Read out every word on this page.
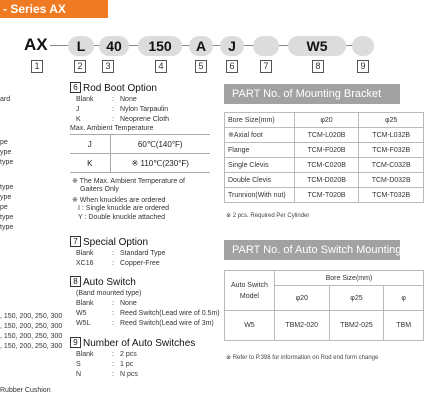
- Series AX
AX	L	40	150	A	J	W5
1	2	3	4	5	6	7	8	9
ard
pe
ype
type
type
ype
pe
type
type
, 150, 200, 250, 300
, 150, 200, 250, 300
, 150, 200, 250, 300
, 150, 200, 250, 300
Rubber Cushion
6 Rod Boot Option
Blank	: None
J	: Nylon Tarpaulin
K	: Neoprene Cloth
Max. Ambient Temperature
J	60℃(140°F)
K	※ 110℃(230°F)
※ The Max. Ambient Temperature of
Gaiters Only
※ When knuckles are ordered
I : Single knuckle are ordered
Y : Double knuckle attached
7 Special Option
Blank	: Standard Type
XC16	: Copper-Free
8 Auto Switch
(Band mounted type)
Blank	: None
W5	: Reed Switch(Lead wire of 0.5m)
W5L	: Reed Switch(Lead wire of 3m)
9 Number of Auto Switches
Blank	: 2 pcs
S	: 1 pc
N	: N pcs
PART No. of Mounting Bracket
Bore Size(mm)	φ20	φ25
※Axial foot	TCM-L020B	TCM-L032B
Flange	TCM-F020B	TCM-F032B
Single Clevis	TCM-C020B	TCM-C032B
Double Clevis	TCM-D020B	TCM-D032B
Trunnion(With nut)	TCM-T020B	TCM-T032B
※ 2 pcs. Required Per Cylinder
PART No. of Auto Switch Mounting Band
Auto Switch
Model	Bore Size(mm)		
	φ20	φ25	φ
W5	TBM2-020	TBM2-025	TBM
※ Refer to P.398 for information on Rod end form change
